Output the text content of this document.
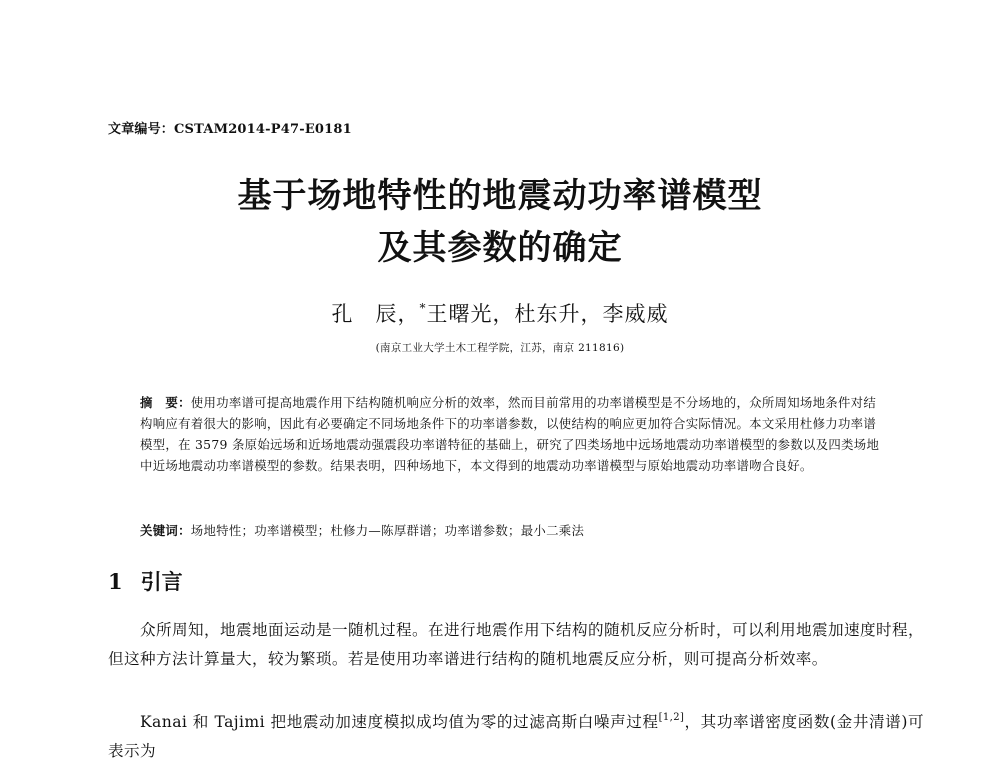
文章编号：CSTAM2014-P47-E0181
基于场地特性的地震动功率谱模型
及其参数的确定
孔　辰，*王曙光，杜东升，李威威
(南京工业大学土木工程学院，江苏，南京 211816)
摘　要：使用功率谱可提高地震作用下结构随机响应分析的效率，然而目前常用的功率谱模型是不分场地的，众所周知场地条件对结构响应有着很大的影响，因此有必要确定不同场地条件下的功率谱参数，以使结构的响应更加符合实际情况。本文采用杜修力功率谱模型，在 3579 条原始远场和近场地震动强震段功率谱特征的基础上，研究了四类场地中远场地震动功率谱模型的参数以及四类场地中近场地震动功率谱模型的参数。结果表明，四种场地下，本文得到的地震动功率谱模型与原始地震动功率谱吻合良好。
关键词：场地特性；功率谱模型；杜修力—陈厚群谱；功率谱参数；最小二乘法
1 引言
众所周知，地震地面运动是一随机过程。在进行地震作用下结构的随机反应分析时，可以利用地震加速度时程，但这种方法计算量大，较为繁琐。若是使用功率谱进行结构的随机地震反应分析，则可提高分析效率。
Kanai 和 Tajimi 把地震动加速度模拟成均值为零的过滤高斯白噪声过程[1,2]，其功率谱密度函数(金井清谱)可表示为
